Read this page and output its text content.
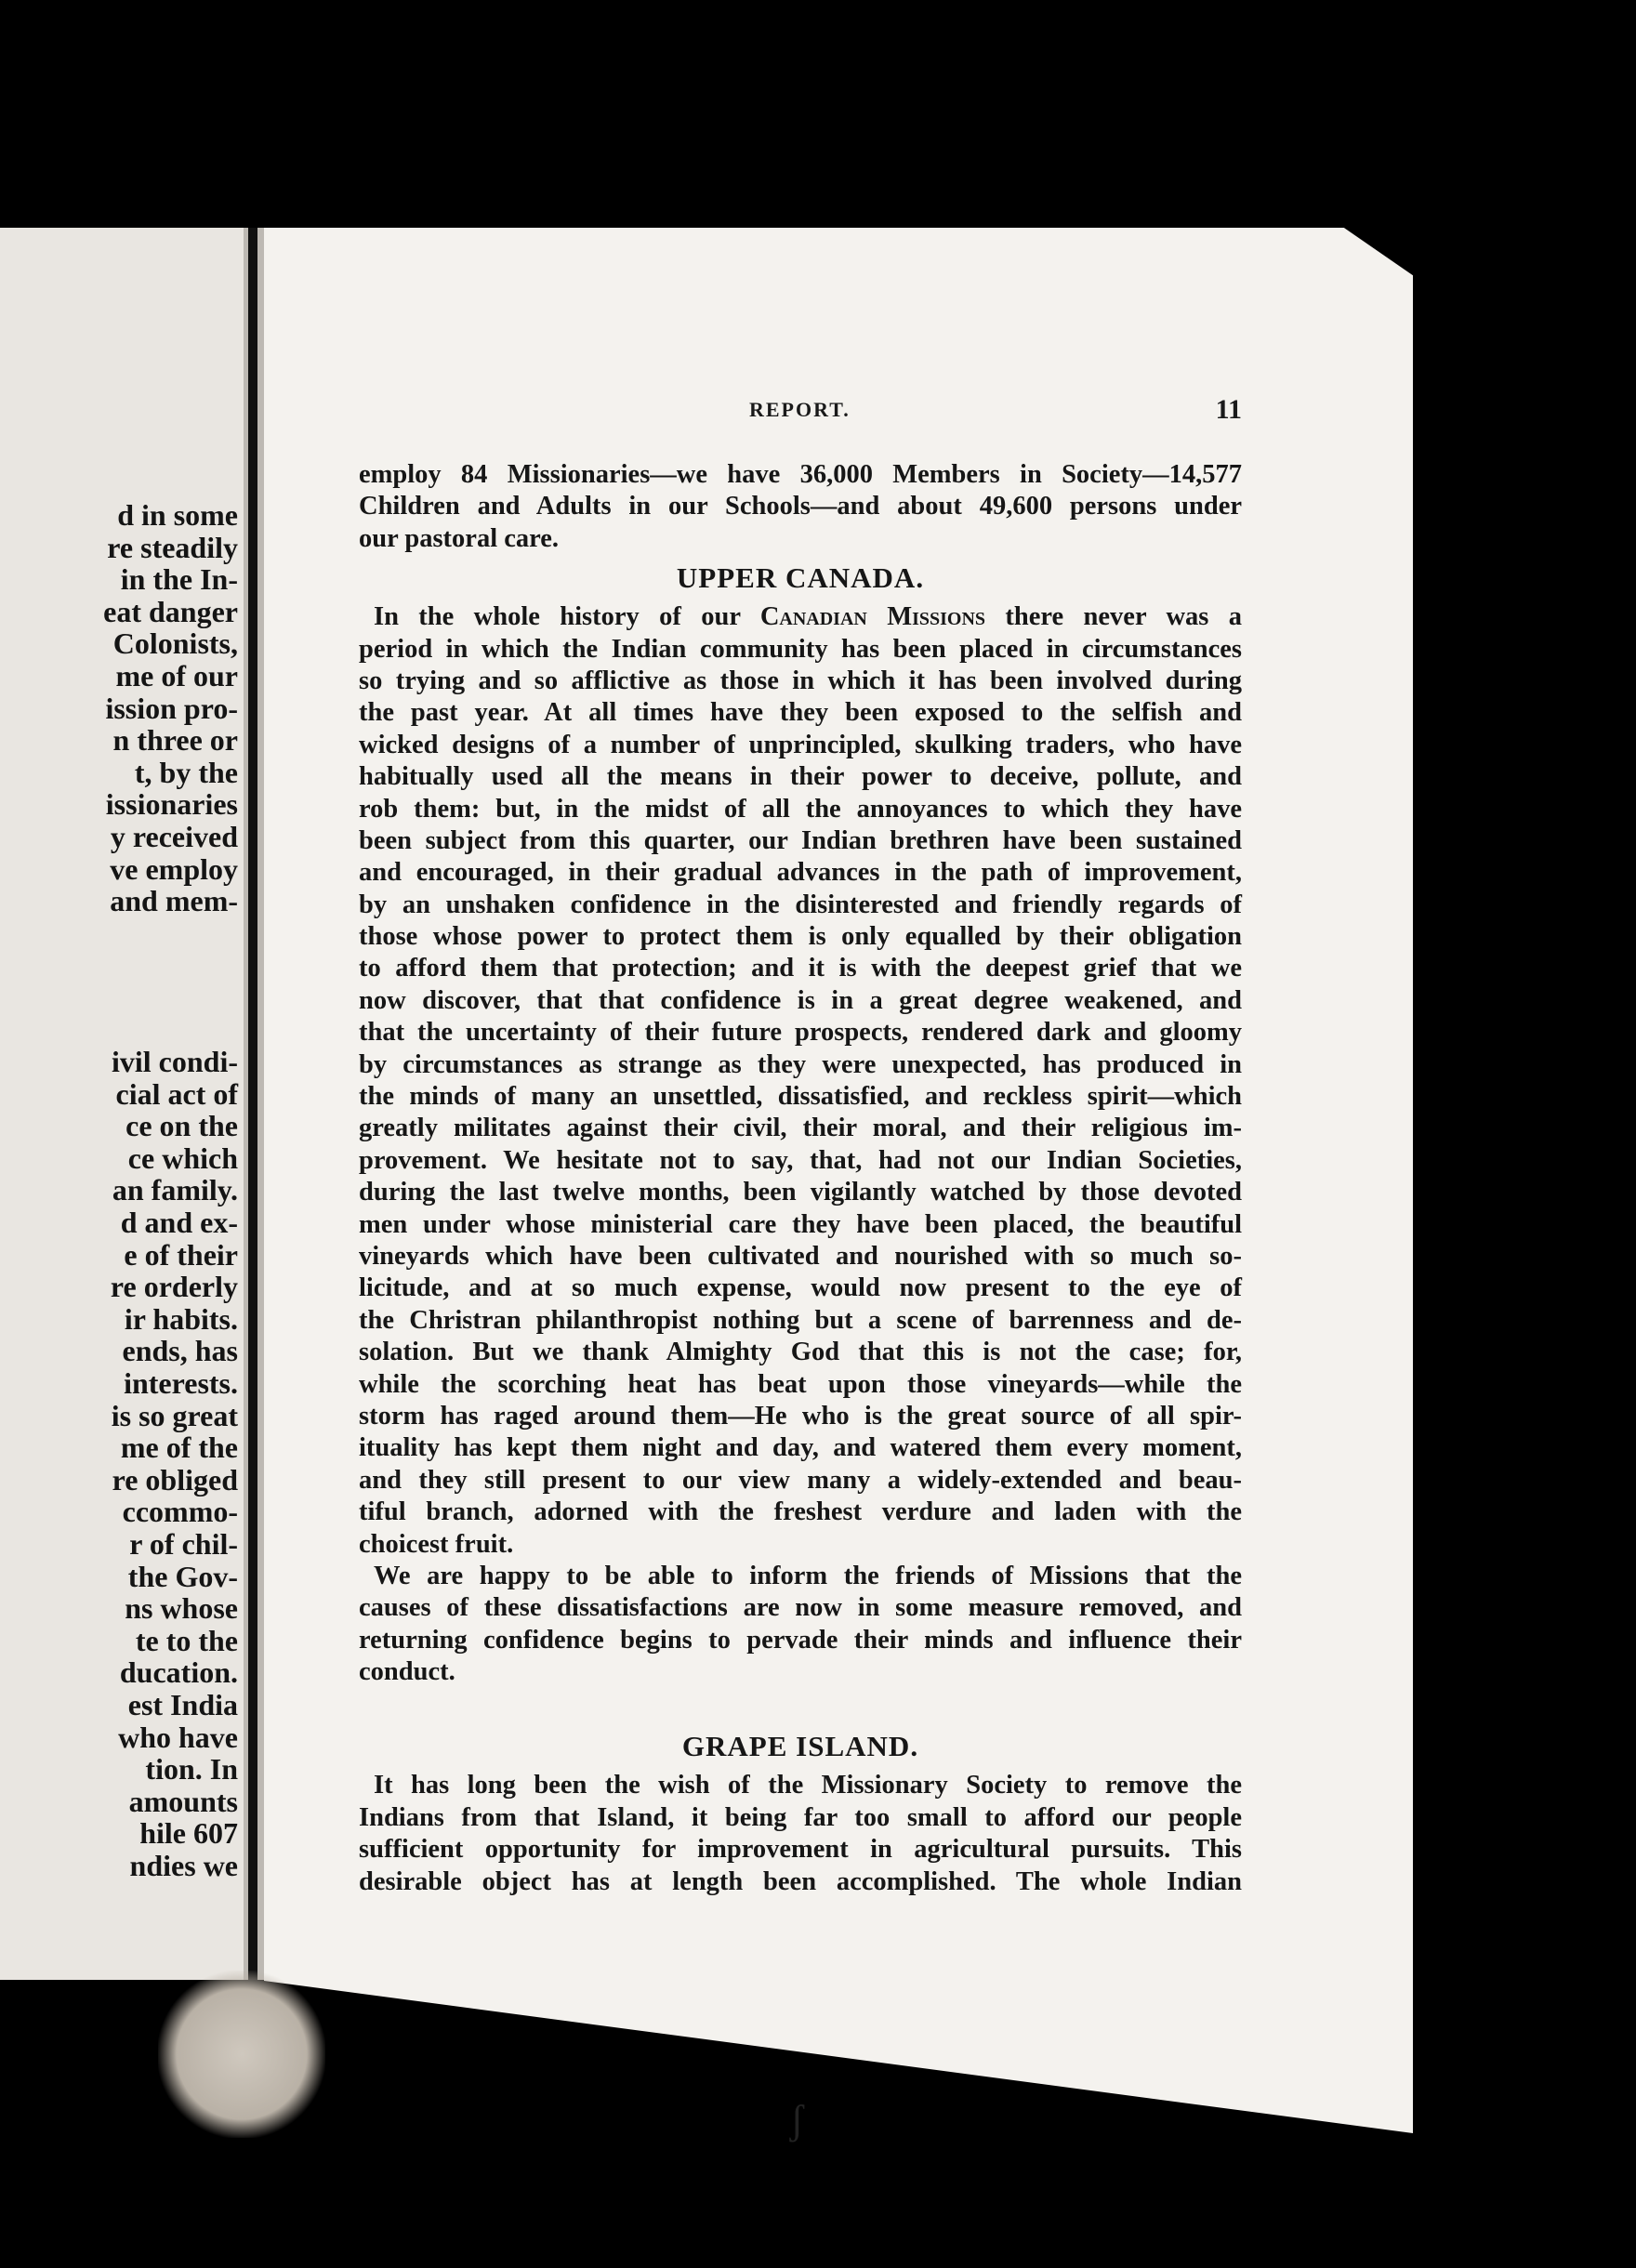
d in some
re steadily
in the In-
eat danger
Colonists,
me of our
ission pro-
n three or
t, by the
issionaries
y received
ve employ
and mem-
ivil condi-
cial act of
ce on the
ce which
an family.
d and ex-
e of their
re orderly
ir habits.
ends, has
interests.
is so great
me of the
re obliged
ccommo-
r of chil-
the Gov-
ns whose
te to the
ducation.
est India
who have
tion. In
amounts
hile 607
ndies we
REPORT.	11
employ 84 Missionaries—we have 36,000 Members in Society—14,577
Children and Adults in our Schools—and about 49,600 persons under
our pastoral care.
UPPER CANADA.
In the whole history of our Canadian Missions there never was a
period in which the Indian community has been placed in circumstances
so trying and so afflictive as those in which it has been involved during
the past year. At all times have they been exposed to the selfish and
wicked designs of a number of unprincipled, skulking traders, who have
habitually used all the means in their power to deceive, pollute, and
rob them: but, in the midst of all the annoyances to which they have
been subject from this quarter, our Indian brethren have been sustained
and encouraged, in their gradual advances in the path of improvement,
by an unshaken confidence in the disinterested and friendly regards of
those whose power to protect them is only equalled by their obligation
to afford them that protection; and it is with the deepest grief that we
now discover, that that confidence is in a great degree weakened, and
that the uncertainty of their future prospects, rendered dark and gloomy
by circumstances as strange as they were unexpected, has produced in
the minds of many an unsettled, dissatisfied, and reckless spirit—which
greatly militates against their civil, their moral, and their religious im-
provement. We hesitate not to say, that, had not our Indian Societies,
during the last twelve months, been vigilantly watched by those devoted
men under whose ministerial care they have been placed, the beautiful
vineyards which have been cultivated and nourished with so much so-
licitude, and at so much expense, would now present to the eye of
the Christran philanthropist nothing but a scene of barrenness and de-
solation. But we thank Almighty God that this is not the case; for,
while the scorching heat has beat upon those vineyards—while the
storm has raged around them—He who is the great source of all spir-
ituality has kept them night and day, and watered them every moment,
and they still present to our view many a widely-extended and beau-
tiful branch, adorned with the freshest verdure and laden with the
choicest fruit.
We are happy to be able to inform the friends of Missions that the
causes of these dissatisfactions are now in some measure removed, and
returning confidence begins to pervade their minds and influence their
conduct.
GRAPE ISLAND.
It has long been the wish of the Missionary Society to remove the
Indians from that Island, it being far too small to afford our people
sufficient opportunity for improvement in agricultural pursuits. This
desirable object has at length been accomplished. The whole Indian
ʃ
